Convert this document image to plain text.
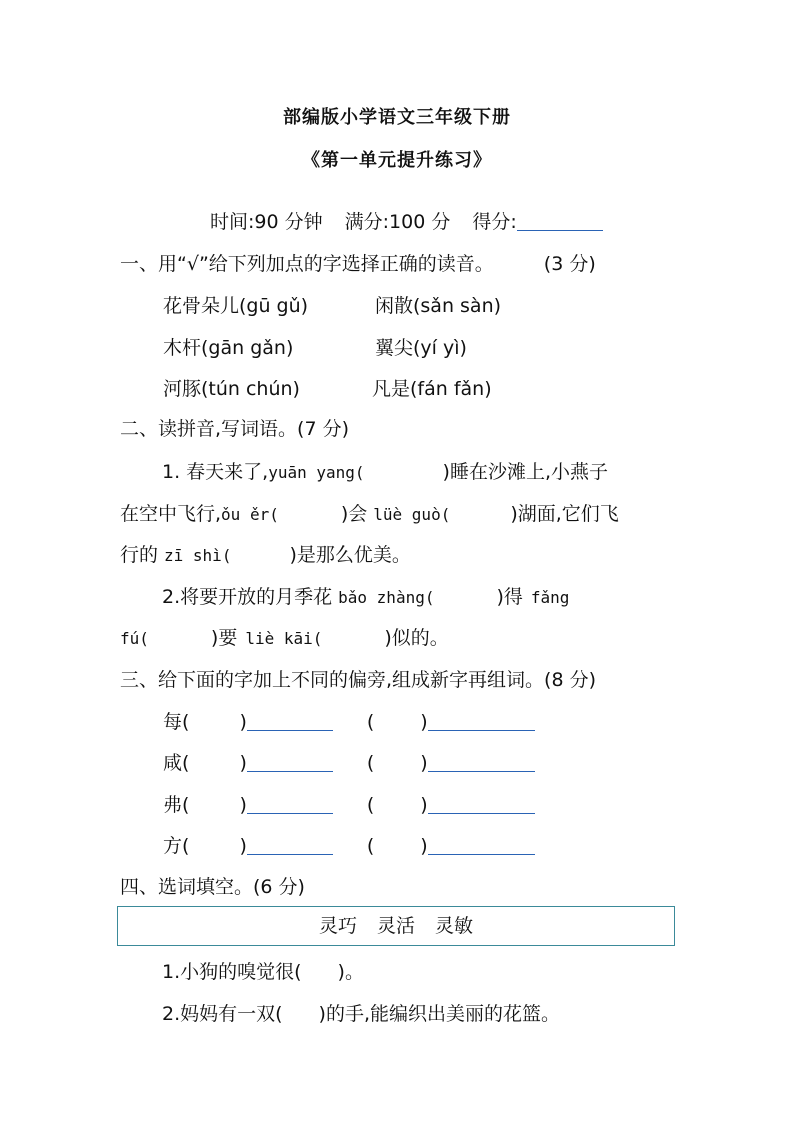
部编版小学语文三年级下册
《第一单元提升练习》
时间:90 分钟 满分:100 分 得分:
一、用“√”给下列加点的字选择正确的读音。	(3 分)
花骨朵儿(gū gǔ)	闲散(sǎn sàn)
木杆(gān gǎn)	翼尖(yí yì)
河豚(tún chún)	凡是(fán fǎn)
二、读拼音,写词语。(7 分)
1. 春天来了,yuān yang(	)睡在沙滩上,小燕子
在空中飞行,ǒu ěr(	)会 lüè guò(	)湖面,它们飞
行的 zī shì(	)是那么优美。
2.将要开放的月季花 bǎo zhàng(	)得 fǎng
fú(	)要 liè kāi(	)似的。
三、给下面的字加上不同的偏旁,组成新字再组词。(8 分)
每(	)	( )
咸(	)	( )
弗(	)	( )
方(	)	( )
四、选词填空。(6 分)
灵巧 灵活 灵敏
1.小狗的嗅觉很( )。
2.妈妈有一双( )的手,能编织出美丽的花篮。
